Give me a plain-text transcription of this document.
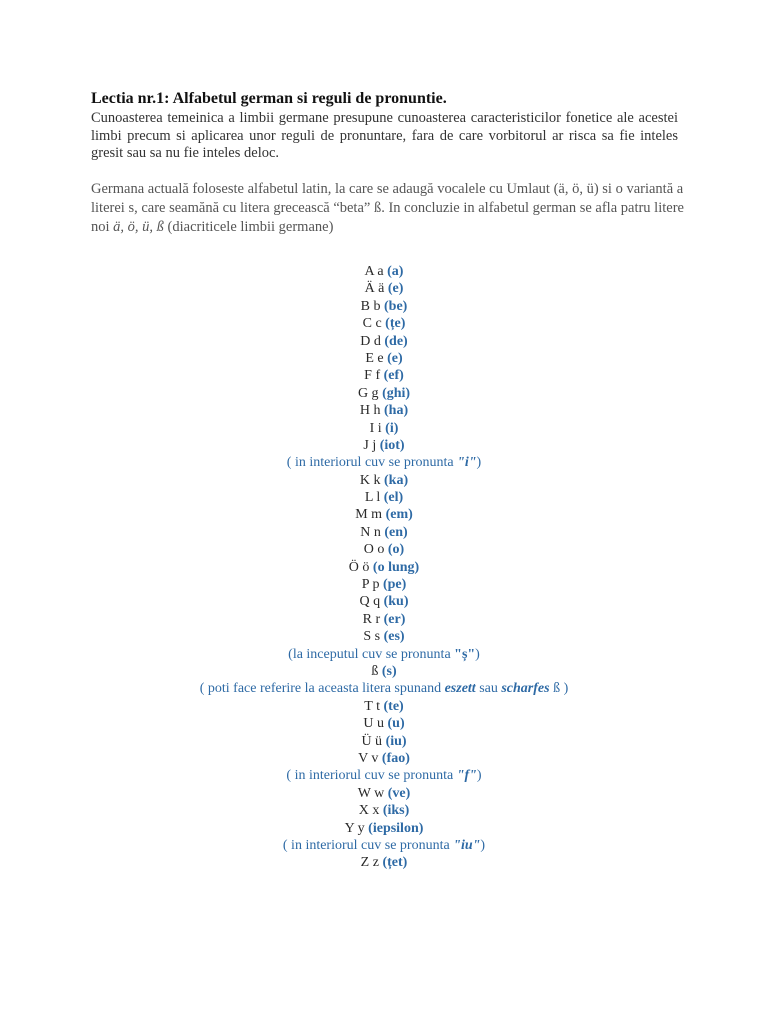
Lectia nr.1: Alfabetul german si reguli de pronuntie.
Cunoasterea temeinica a limbii germane presupune cunoasterea caracteristicilor fonetice ale acestei limbi precum si aplicarea unor reguli de pronuntare, fara de care vorbitorul ar risca sa fie inteles gresit sau sa nu fie inteles deloc.
Germana actuală foloseste alfabetul latin, la care se adaugă vocalele cu Umlaut (ä, ö, ü) si o variantă a literei s, care seamănă cu litera grecească “beta” ß. In concluzie in alfabetul german se afla patru litere noi ä, ö, ü, ß (diacriticele limbii germane)
A a (a)
Ä ä (e)
B b (be)
C c (țe)
D d (de)
E e (e)
F f (ef)
G g (ghi)
H h (ha)
I i (i)
J j (iot)
( in interiorul cuv se pronunta "i")
K k (ka)
L l (el)
M m (em)
N n (en)
O o (o)
Ö ö (o lung)
P p (pe)
Q q (ku)
R r (er)
S s (es)
(la inceputul cuv se pronunta "ș")
ß (s)
( poti face referire la aceasta litera spunand eszett sau scharfes ß )
T t (te)
U u (u)
Ü ü (iu)
V v (fao)
( in interiorul cuv se pronunta "f")
W w (ve)
X x (iks)
Y y (iepsilon)
( in interiorul cuv se pronunta "iu")
Z z (țet)
